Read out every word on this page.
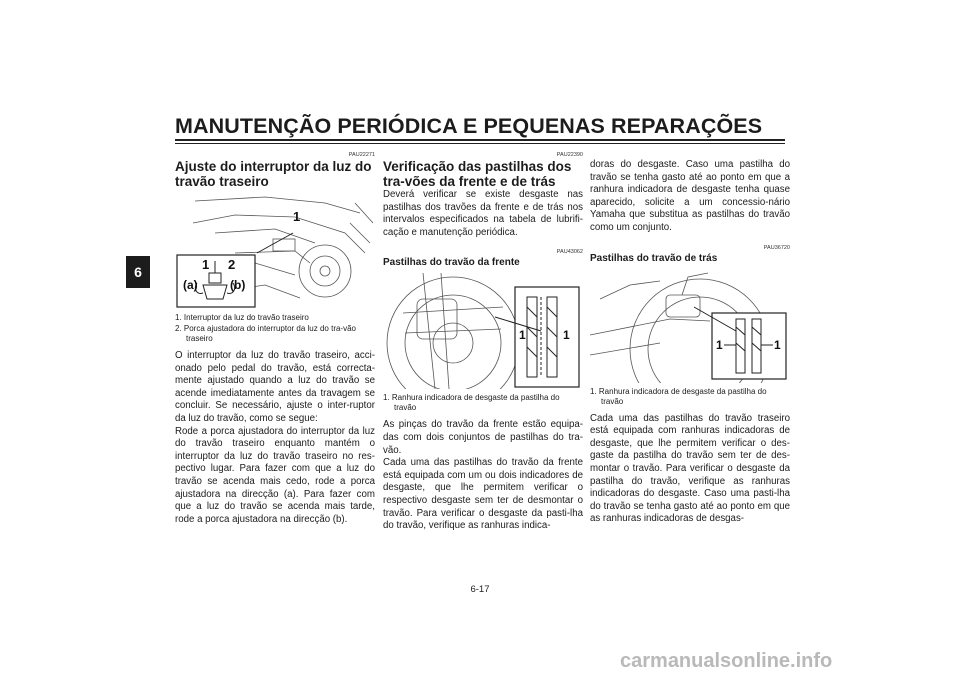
MANUTENÇÃO PERIÓDICA E PEQUENAS REPARAÇÕES
6
PAU22271
Ajuste do interruptor da luz do travão traseiro
1 2
(a)	(b)
1

1. Interruptor da luz do travão traseiro

2. Porca ajustadora do interruptor da luz do tra-vão traseiro

O interruptor da luz do travão traseiro, acci-onado pelo pedal do travão, está correcta-mente ajustado quando a luz do travão se acende imediatamente antes da travagem se concluir. Se necessário, ajuste o inter-ruptor da luz do travão, como se segue:

Rode a porca ajustadora do interruptor da luz do travão traseiro enquanto mantém o interruptor da luz do travão traseiro no res-pectivo lugar. Para fazer com que a luz do travão se acenda mais cedo, rode a porca ajustadora na direcção (a). Para fazer com que a luz do travão se acenda mais tarde, rode a porca ajustadora na direcção (b).

PAU22390
Verificação das pastilhas dos tra-vões da frente e de trás

Deverá verificar se existe desgaste nas pastilhas dos travões da frente e de trás nos intervalos especificados na tabela de lubrifi-cação e manutenção periódica.

PAU43062
Pastilhas do travão da frente
1	1

1. Ranhura indicadora de desgaste da pastilha do travão

As pinças do travão da frente estão equipa-das com dois conjuntos de pastilhas do tra-vão.

Cada uma das pastilhas do travão da frente está equipada com um ou dois indicadores de desgaste, que lhe permitem verificar o respectivo desgaste sem ter de desmontar o travão. Para verificar o desgaste da pasti-lha do travão, verifique as ranhuras indica-

doras do desgaste. Caso uma pastilha do travão se tenha gasto até ao ponto em que a ranhura indicadora de desgaste tenha quase aparecido, solicite a um concessio-nário Yamaha que substitua as pastilhas do travão como um conjunto.

PAU36720
Pastilhas do travão de trás
1	1

1. Ranhura indicadora de desgaste da pastilha do travão

Cada uma das pastilhas do travão traseiro está equipada com ranhuras indicadoras de desgaste, que lhe permitem verificar o des-gaste da pastilha do travão sem ter de des-montar o travão. Para verificar o desgaste da pastilha do travão, verifique as ranhuras indicadoras do desgaste. Caso uma pasti-lha do travão se tenha gasto até ao ponto em que as ranhuras indicadoras de desgas-

6-17
carmanualsonline.info
